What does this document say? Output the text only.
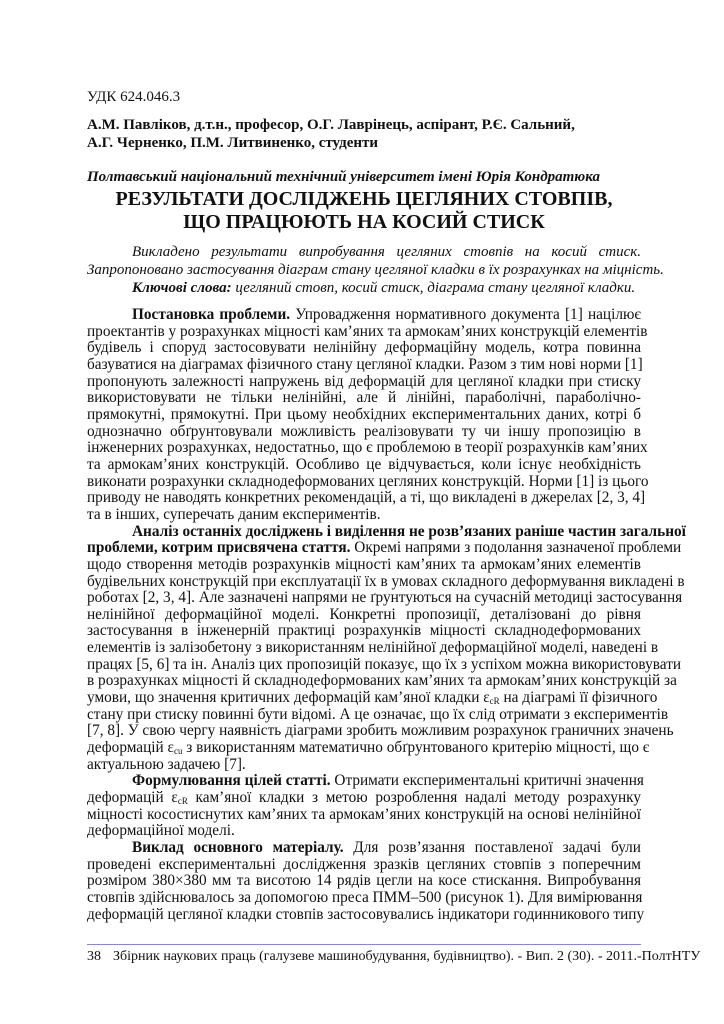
УДК 624.046.3
А.М. Павліков, д.т.н., професор, О.Г. Лаврінець, аспірант, Р.Є. Сальний,
А.Г. Черненко, П.М. Литвиненко, студенти
Полтавський національний технічний університет імені Юрія Кондратюка
РЕЗУЛЬТАТИ ДОСЛІДЖЕНЬ ЦЕГЛЯНИХ СТОВПІВ,
ЩО ПРАЦЮЮТЬ НА КОСИЙ СТИСК
Викладено результати випробування цегляних стовпів на косий стиск.
Запропоновано застосування діаграм стану цегляної кладки в їх розрахунках на міцність.
Ключові слова: цегляний стовп, косий стиск, діаграма стану цегляної кладки.
Постановка проблеми. Упровадження нормативного документа [1] націлює
проектантів у розрахунках міцності кам’яних та армокам’яних конструкцій елементів
будівель і споруд застосовувати нелінійну деформаційну модель, котра повинна
базуватися на діаграмах фізичного стану цегляної кладки. Разом з тим нові норми [1]
пропонують залежності напружень від деформацій для цегляної кладки при стиску
використовувати не тільки нелінійні, але й лінійні, параболічні, параболічно-
прямокутні, прямокутні. При цьому необхідних експериментальних даних, котрі б
однозначно обґрунтовували можливість реалізовувати ту чи іншу пропозицію в
інженерних розрахунках, недостатньо, що є проблемою в теорії розрахунків кам’яних
та армокам’яних конструкцій. Особливо це відчувається, коли існує необхідність
виконати розрахунки складнодеформованих цегляних конструкцій. Норми [1] із цього
приводу не наводять конкретних рекомендацій, а ті, що викладені в джерелах [2, 3, 4]
та в інших, суперечать даним експериментів.
Аналіз останніх досліджень і виділення не розв’язаних раніше частин загальної
проблеми, котрим присвячена стаття. Окремі напрями з подолання зазначеної проблеми
щодо створення методів розрахунків міцності кам’яних та армокам’яних елементів
будівельних конструкцій при експлуатації їх в умовах складного деформування викладені в
роботах [2, 3, 4]. Але зазначені напрями не ґрунтуються на сучасній методиці застосування
нелінійної деформаційної моделі. Конкретні пропозиції, деталізовані до рівня
застосування в інженерній практиці розрахунків міцності складнодеформованих
елементів із залізобетону з використанням нелінійної деформаційної моделі, наведені в
працях [5, 6] та ін. Аналіз цих пропозицій показує, що їх з успіхом можна використовувати
в розрахунках міцності й складнодеформованих кам’яних та армокам’яних конструкцій за
умови, що значення критичних деформацій кам’яної кладки $\varepsilon_{cR}$ на діаграмі її фізичного
стану при стиску повинні бути відомі. А це означає, що їх слід отримати з експериментів
[7, 8]. У свою чергу наявність діаграми зробить можливим розрахунок граничних значень
деформацій $\varepsilon_{cu}$ з використанням математично обґрунтованого критерію міцності, що є
актуальною задачею [7].
Формулювання цілей статті. Отримати експериментальні критичні значення
деформацій $\varepsilon_{cR}$ кам’яної кладки з метою розроблення надалі методу розрахунку
міцності косостиснутих кам’яних та армокам’яних конструкцій на основі нелінійної
деформаційної моделі.
Виклад основного матеріалу. Для розв’язання поставленої задачі були
проведені експериментальні дослідження зразків цегляних стовпів з поперечним
розміром 380×380 мм та висотою 14 рядів цегли на косе стискання. Випробування
стовпів здійснювалось за допомогою преса ПММ–500 (рисунок 1). Для вимірювання
деформацій цегляної кладки стовпів застосовувались індикатори годинникового типу
38 Збірник наукових праць (галузеве машинобудування, будівництво). - Вип. 2 (30). - 2011.-ПолтНТУ
